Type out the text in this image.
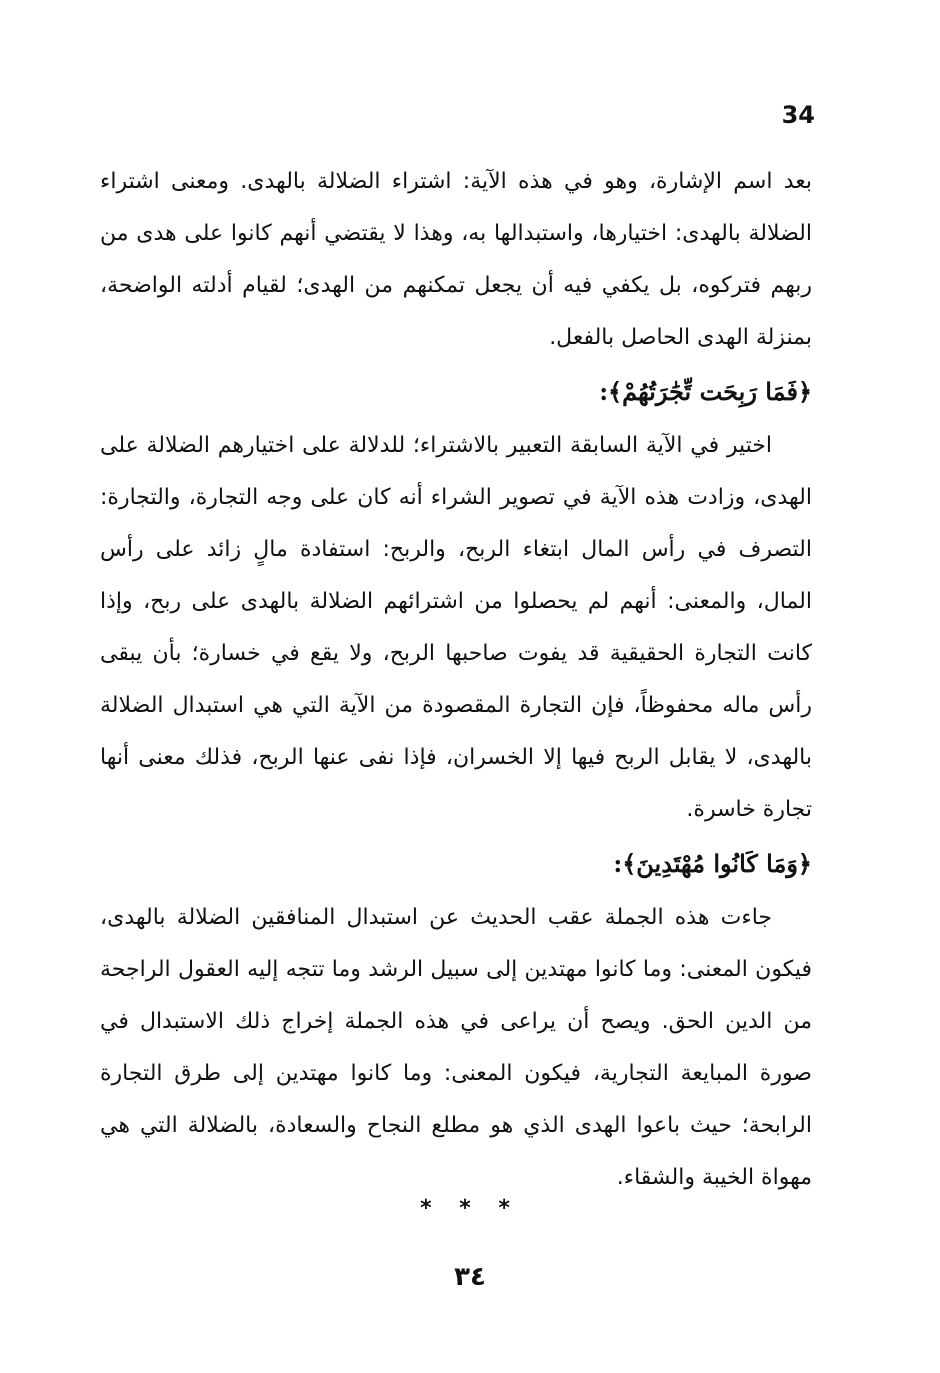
34

بعد اسم الإشارة، وهو في هذه الآية: اشتراء الضلالة بالهدى. ومعنى اشتراء الضلالة بالهدى: اختيارها، واستبدالها به، وهذا لا يقتضي أنهم كانوا على هدى من ربهم فتركوه، بل يكفي فيه أن يجعل تمكنهم من الهدى؛ لقيام أدلته الواضحة، بمنزلة الهدى الحاصل بالفعل.

﴿فَمَا رَبِحَت تِّجَٰرَتُهُمْ﴾:

اختير في الآية السابقة التعبير بالاشتراء؛ للدلالة على اختيارهم الضلالة على الهدى، وزادت هذه الآية في تصوير الشراء أنه كان على وجه التجارة، والتجارة: التصرف في رأس المال ابتغاء الربح، والربح: استفادة مالٍ زائد على رأس المال، والمعنى: أنهم لم يحصلوا من اشترائهم الضلالة بالهدى على ربح، وإذا كانت التجارة الحقيقية قد يفوت صاحبها الربح، ولا يقع في خسارة؛ بأن يبقى رأس ماله محفوظاً، فإن التجارة المقصودة من الآية التي هي استبدال الضلالة بالهدى، لا يقابل الربح فيها إلا الخسران، فإذا نفى عنها الربح، فذلك معنى أنها تجارة خاسرة.

﴿وَمَا كَانُوا مُهْتَدِينَ﴾:

جاءت هذه الجملة عقب الحديث عن استبدال المنافقين الضلالة بالهدى، فيكون المعنى: وما كانوا مهتدين إلى سبيل الرشد وما تتجه إليه العقول الراجحة من الدين الحق. ويصح أن يراعى في هذه الجملة إخراج ذلك الاستبدال في صورة المبايعة التجارية، فيكون المعنى: وما كانوا مهتدين إلى طرق التجارة الرابحة؛ حيث باعوا الهدى الذي هو مطلع النجاح والسعادة، بالضلالة التي هي مهواة الخيبة والشقاء.

* * *
٣٤
